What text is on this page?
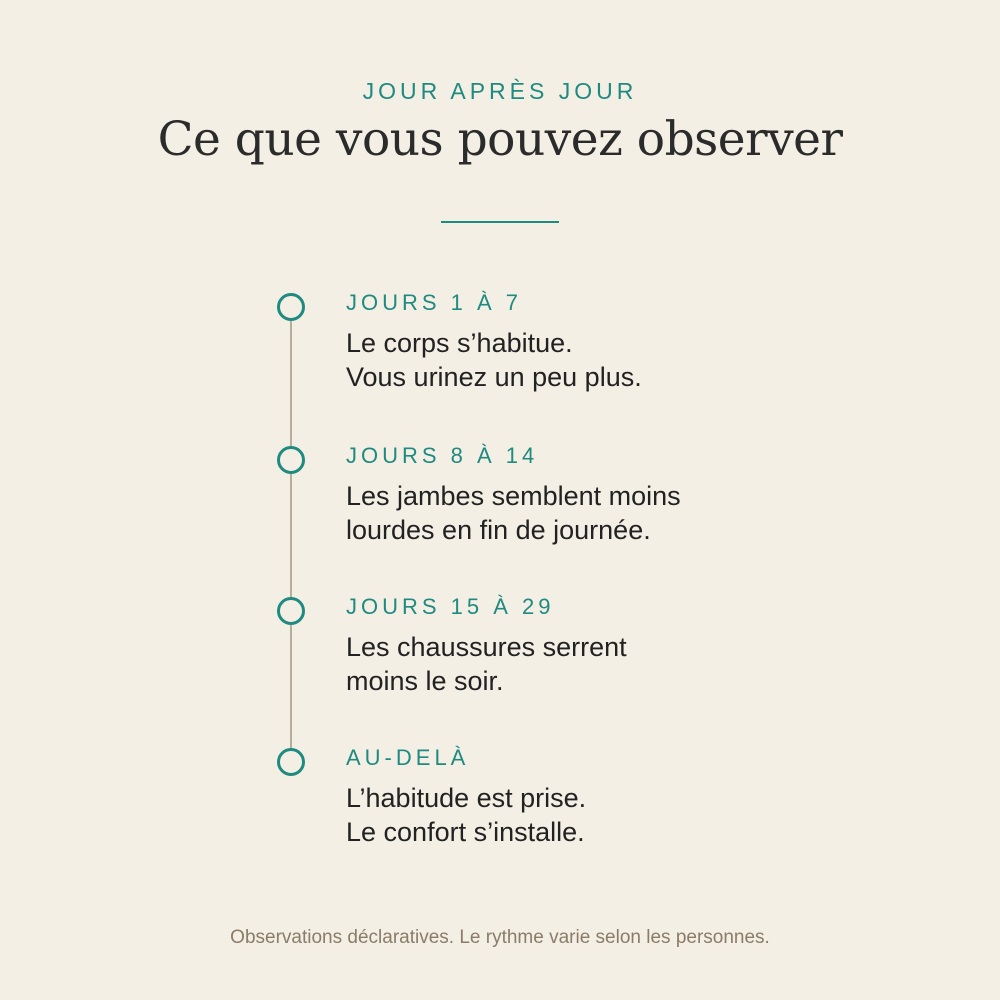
JOUR APRÈS JOUR
Ce que vous pouvez observer
JOURS 1 À 7
Le corps s’habitue.
Vous urinez un peu plus.
JOURS 8 À 14
Les jambes semblent moins
lourdes en fin de journée.
JOURS 15 À 29
Les chaussures serrent
moins le soir.
AU-DELÀ
L’habitude est prise.
Le confort s’installe.
Observations déclaratives. Le rythme varie selon les personnes.
